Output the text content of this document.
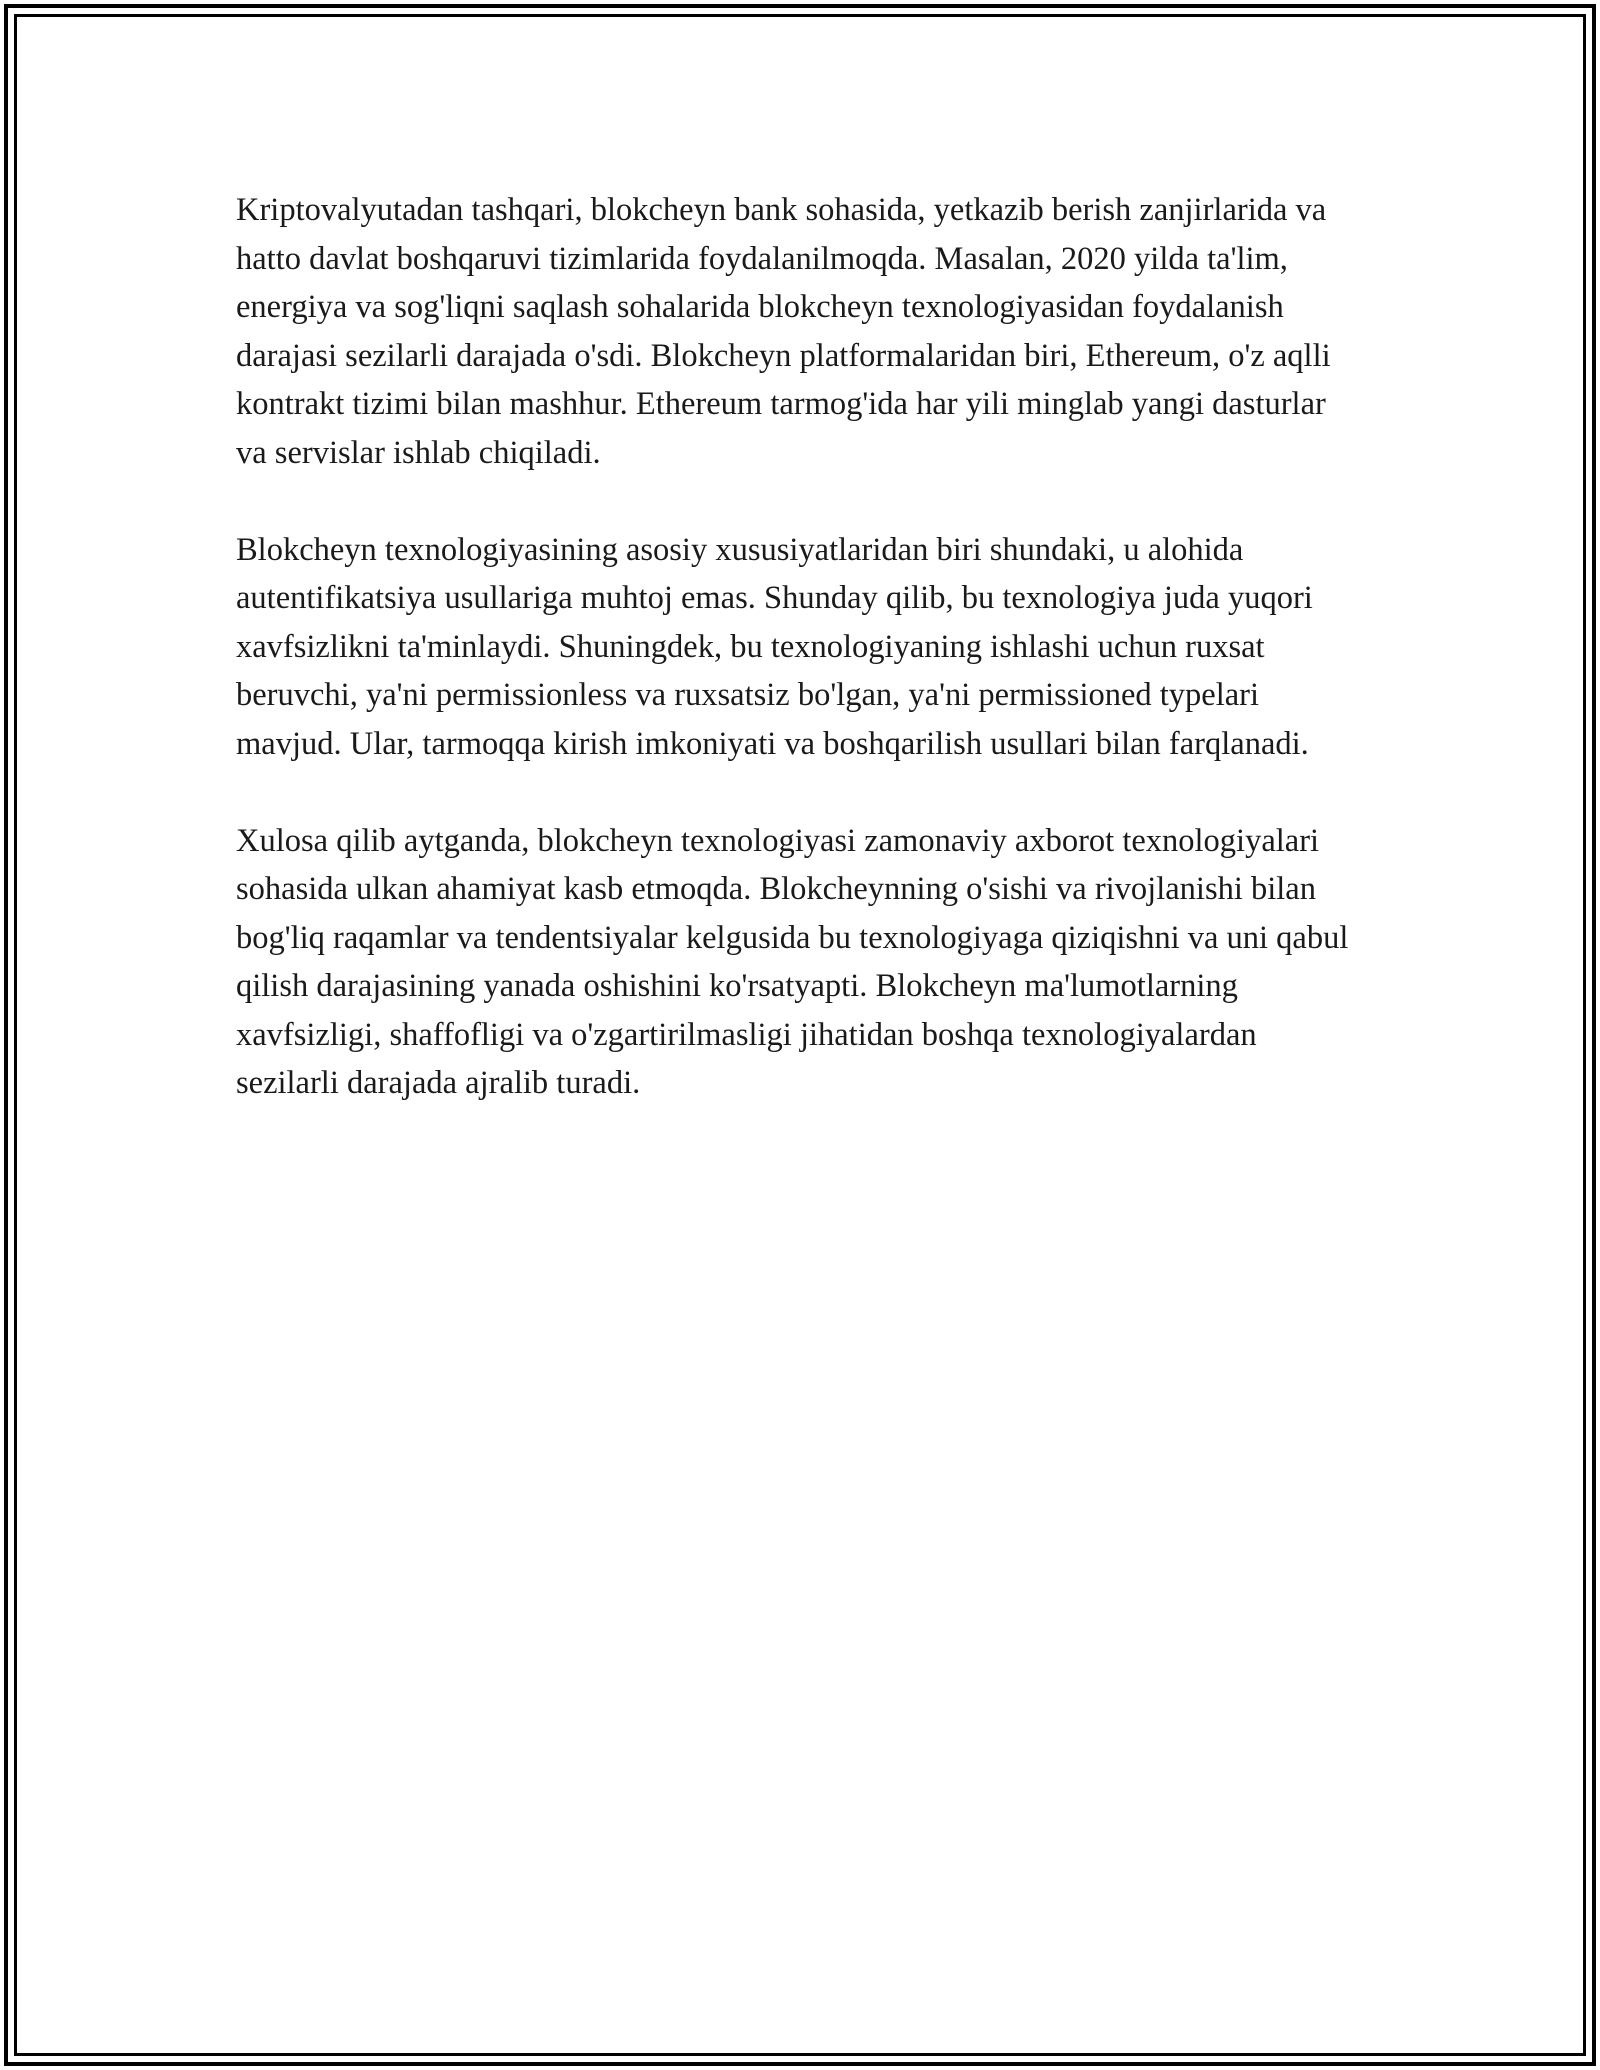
Kriptovalyutadan tashqari, blokcheyn bank sohasida, yetkazib berish zanjirlarida va hatto davlat boshqaruvi tizimlarida foydalanilmoqda. Masalan, 2020 yilda ta'lim, energiya va sog'liqni saqlash sohalarida blokcheyn texnologiyasidan foydalanish darajasi sezilarli darajada o'sdi. Blokcheyn platformalaridan biri, Ethereum, o'z aqlli kontrakt tizimi bilan mashhur. Ethereum tarmog'ida har yili minglab yangi dasturlar va servislar ishlab chiqiladi.

Blokcheyn texnologiyasining asosiy xususiyatlaridan biri shundaki, u alohida autentifikatsiya usullariga muhtoj emas. Shunday qilib, bu texnologiya juda yuqori xavfsizlikni ta'minlaydi. Shuningdek, bu texnologiyaning ishlashi uchun ruxsat beruvchi, ya'ni permissionless va ruxsatsiz bo'lgan, ya'ni permissioned typelari mavjud. Ular, tarmoqqa kirish imkoniyati va boshqarilish usullari bilan farqlanadi.

Xulosa qilib aytganda, blokcheyn texnologiyasi zamonaviy axborot texnologiyalari sohasida ulkan ahamiyat kasb etmoqda. Blokcheynning o'sishi va rivojlanishi bilan bog'liq raqamlar va tendentsiyalar kelgusida bu texnologiyaga qiziqishni va uni qabul qilish darajasining yanada oshishini ko'rsatyapti. Blokcheyn ma'lumotlarning xavfsizligi, shaffofligi va o'zgartirilmasligi jihatidan boshqa texnologiyalardan sezilarli darajada ajralib turadi.
